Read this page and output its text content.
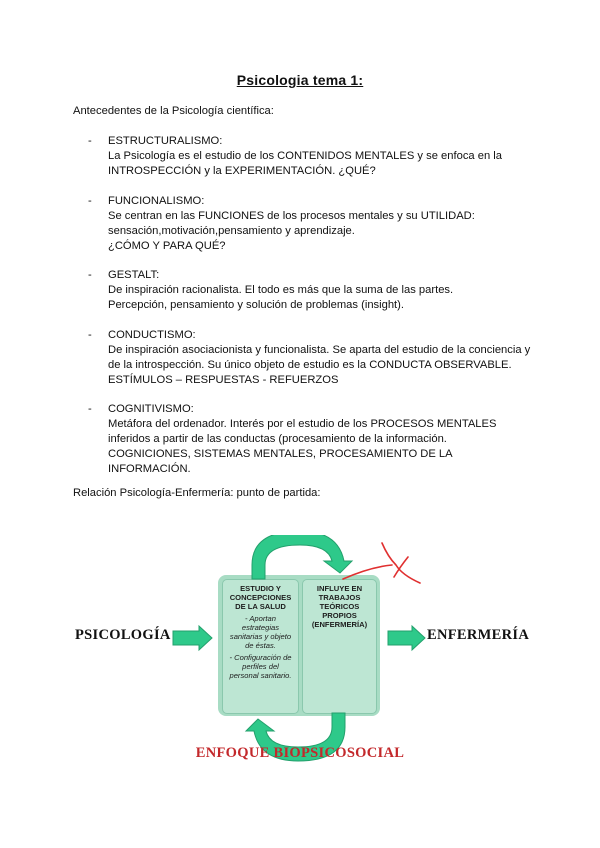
Psicologia tema 1:
Antecedentes de la Psicología científica:
- ESTRUCTURALISMO:
La Psicología es el estudio de los CONTENIDOS MENTALES y se enfoca en la
INTROSPECCIÓN y la EXPERIMENTACIÓN. ¿QUÉ?
- FUNCIONALISMO:
Se centran en las FUNCIONES de los procesos mentales y su UTILIDAD:
sensación,motivación,pensamiento y aprendizaje.
¿CÓMO Y PARA QUÉ?
- GESTALT:
De inspiración racionalista. El todo es más que la suma de las partes.
Percepción, pensamiento y solución de problemas (insight).
- CONDUCTISMO:
De inspiración asociacionista y funcionalista. Se aparta del estudio de la conciencia y
de la introspección. Su único objeto de estudio es la CONDUCTA OBSERVABLE.
ESTÍMULOS – RESPUESTAS - REFUERZOS
- COGNITIVISMO:
Metáfora del ordenador. Interés por el estudio de los PROCESOS MENTALES
inferidos a partir de las conductas (procesamiento de la información.
COGNICIONES, SISTEMAS MENTALES, PROCESAMIENTO DE LA
INFORMACIÓN.
Relación Psicología-Enfermería: punto de partida:
PSICOLOGÍA
ESTUDIO Y
CONCEPCIONES
DE LA SALUD
- Aportan
estrategias
sanitarias y objeto
de éstas.
- Configuración de
perfiles del
personal sanitario.
INFLUYE EN
TRABAJOS
TEÓRICOS
PROPIOS
(ENFERMERÍA)
ENFERMERÍA
ENFOQUE BIOPSICOSOCIAL
